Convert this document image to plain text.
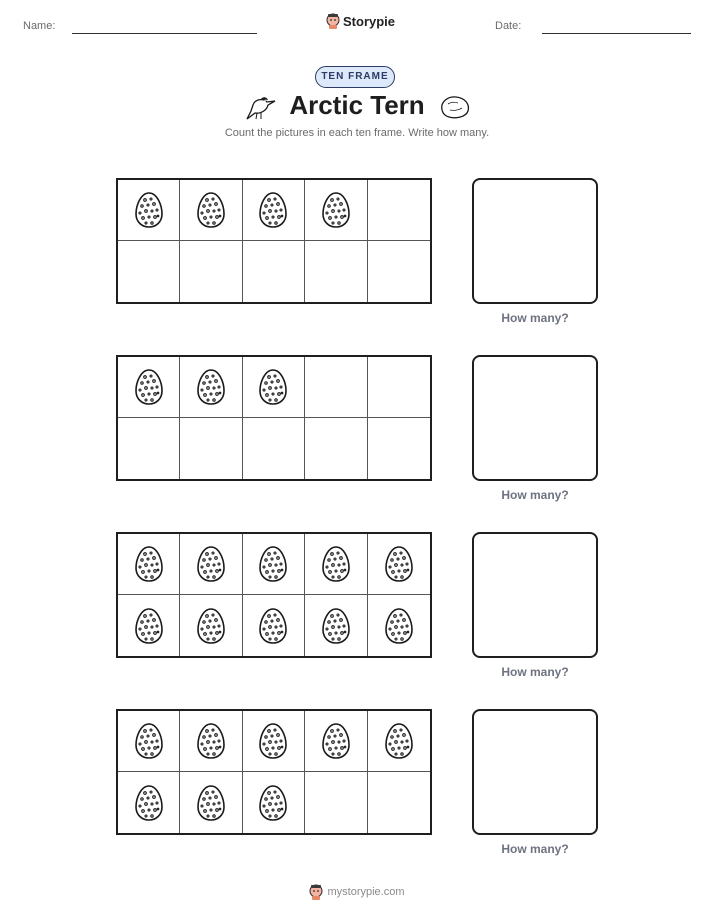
Name:	Storypie	Date:
TEN FRAME
Arctic Tern
Count the pictures in each ten frame. Write how many.
How many?
How many?
How many?
How many?
mystorypie.com
